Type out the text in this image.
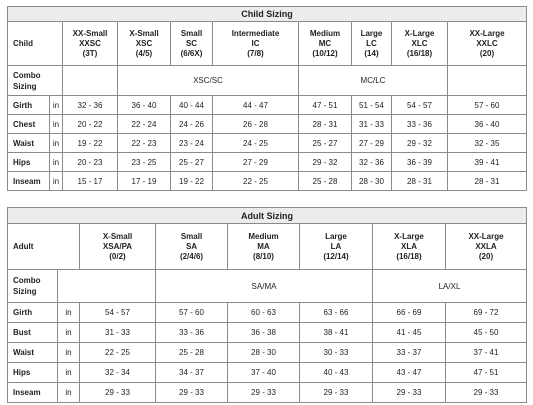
Child Sizing									
Child		XX-Small
XXSC
(3T)	X-Small
XSC
(4/5)	Small
SC
(6/6X)	Intermediate
IC
(7/8)	Medium
MC
(10/12)	Large
LC
(14)	X-Large
XLC
(16/18)	XX-Large
XXLC
(20)
Combo
Sizing			XSC/SC			MC/LC			
Girth	in	32 - 36	36 - 40	40 - 44	44 - 47	47 - 51	51 - 54	54 - 57	57 - 60
Chest	in	20 - 22	22 - 24	24 - 26	26 - 28	28 - 31	31 - 33	33 - 36	36 - 40
Waist	in	19 - 22	22 - 23	23 - 24	24 - 25	25 - 27	27 - 29	29 - 32	32 - 35
Hips	in	20 - 23	23 - 25	25 - 27	27 - 29	29 - 32	32 - 36	36 - 39	39 - 41
Inseam	in	15 - 17	17 - 19	19 - 22	22 - 25	25 - 28	28 - 30	28 - 31	28 - 31
Adult Sizing							
Adult		X-Small
XSA/PA
(0/2)	Small
SA
(2/4/6)	Medium
MA
(8/10)	Large
LA
(12/14)	X-Large
XLA
(16/18)	XX-Large
XXLA
(20)
Combo
Sizing			SA/MA			LA/XL	
Girth	in	54 - 57	57 - 60	60 - 63	63 - 66	66 - 69	69 - 72
Bust	in	31 - 33	33 - 36	36 - 38	38 - 41	41 - 45	45 - 50
Waist	in	22 - 25	25 - 28	28 - 30	30 - 33	33 - 37	37 - 41
Hips	in	32 - 34	34 - 37	37 - 40	40 - 43	43 - 47	47 - 51
Inseam	in	29 - 33	29 - 33	29 - 33	29 - 33	29 - 33	29 - 33
